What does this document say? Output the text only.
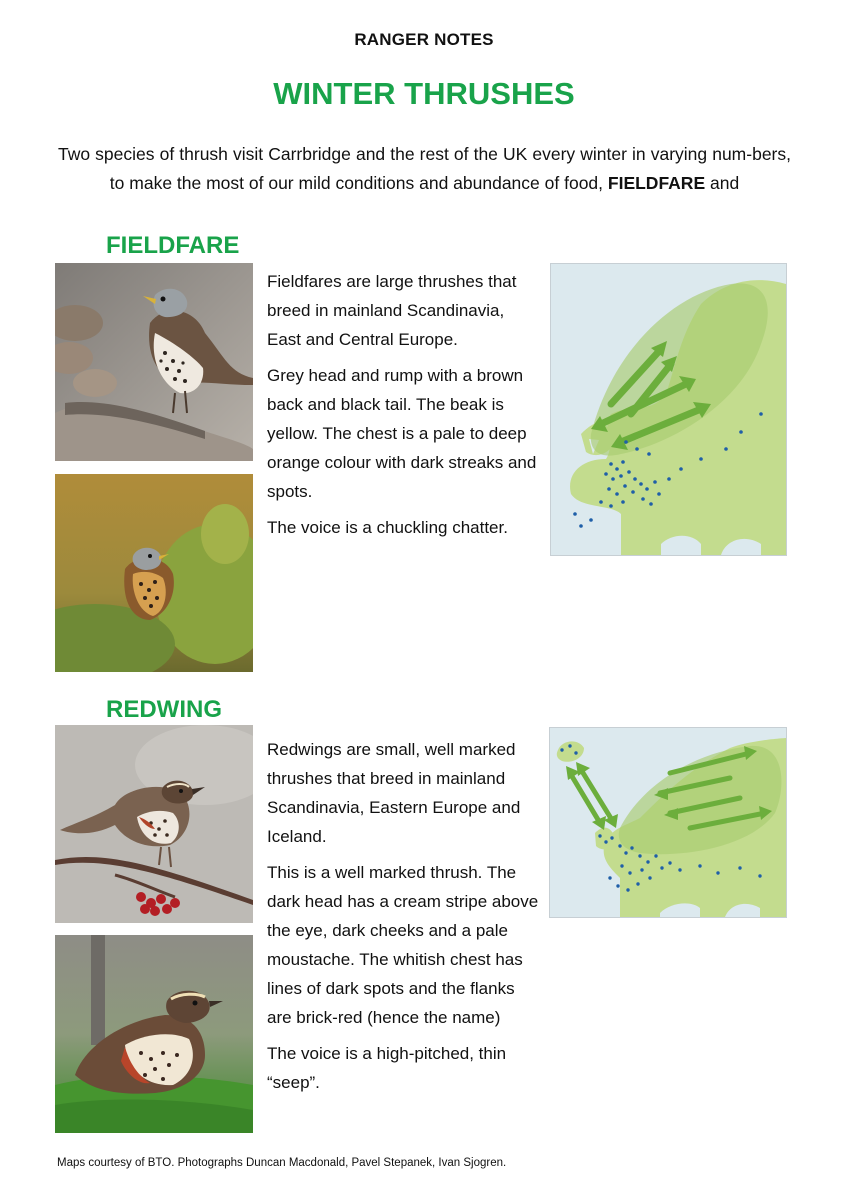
RANGER NOTES
WINTER THRUSHES
Two species of thrush visit Carrbridge and the rest of the UK every winter in varying num-bers, to make the most of our mild conditions and abundance of food, FIELDFARE and
FIELDFARE

Fieldfares are large thrushes that breed in mainland Scandinavia, East and Central Europe.

Grey head and rump with a brown back and black tail. The beak is yellow. The chest is a pale to deep orange colour with dark streaks and spots.

The voice is a chuckling chatter.

REDWING

Redwings are small, well marked thrushes that breed in mainland Scandinavia, Eastern Europe and Iceland.

This is a well marked thrush. The dark head has a cream stripe above the eye, dark cheeks and a pale moustache. The whitish chest has lines of dark spots and the flanks are brick-red (hence the name)

The voice is a high-pitched, thin “seep”.

Maps courtesy of BTO. Photographs Duncan Macdonald, Pavel Stepanek, Ivan Sjogren.
